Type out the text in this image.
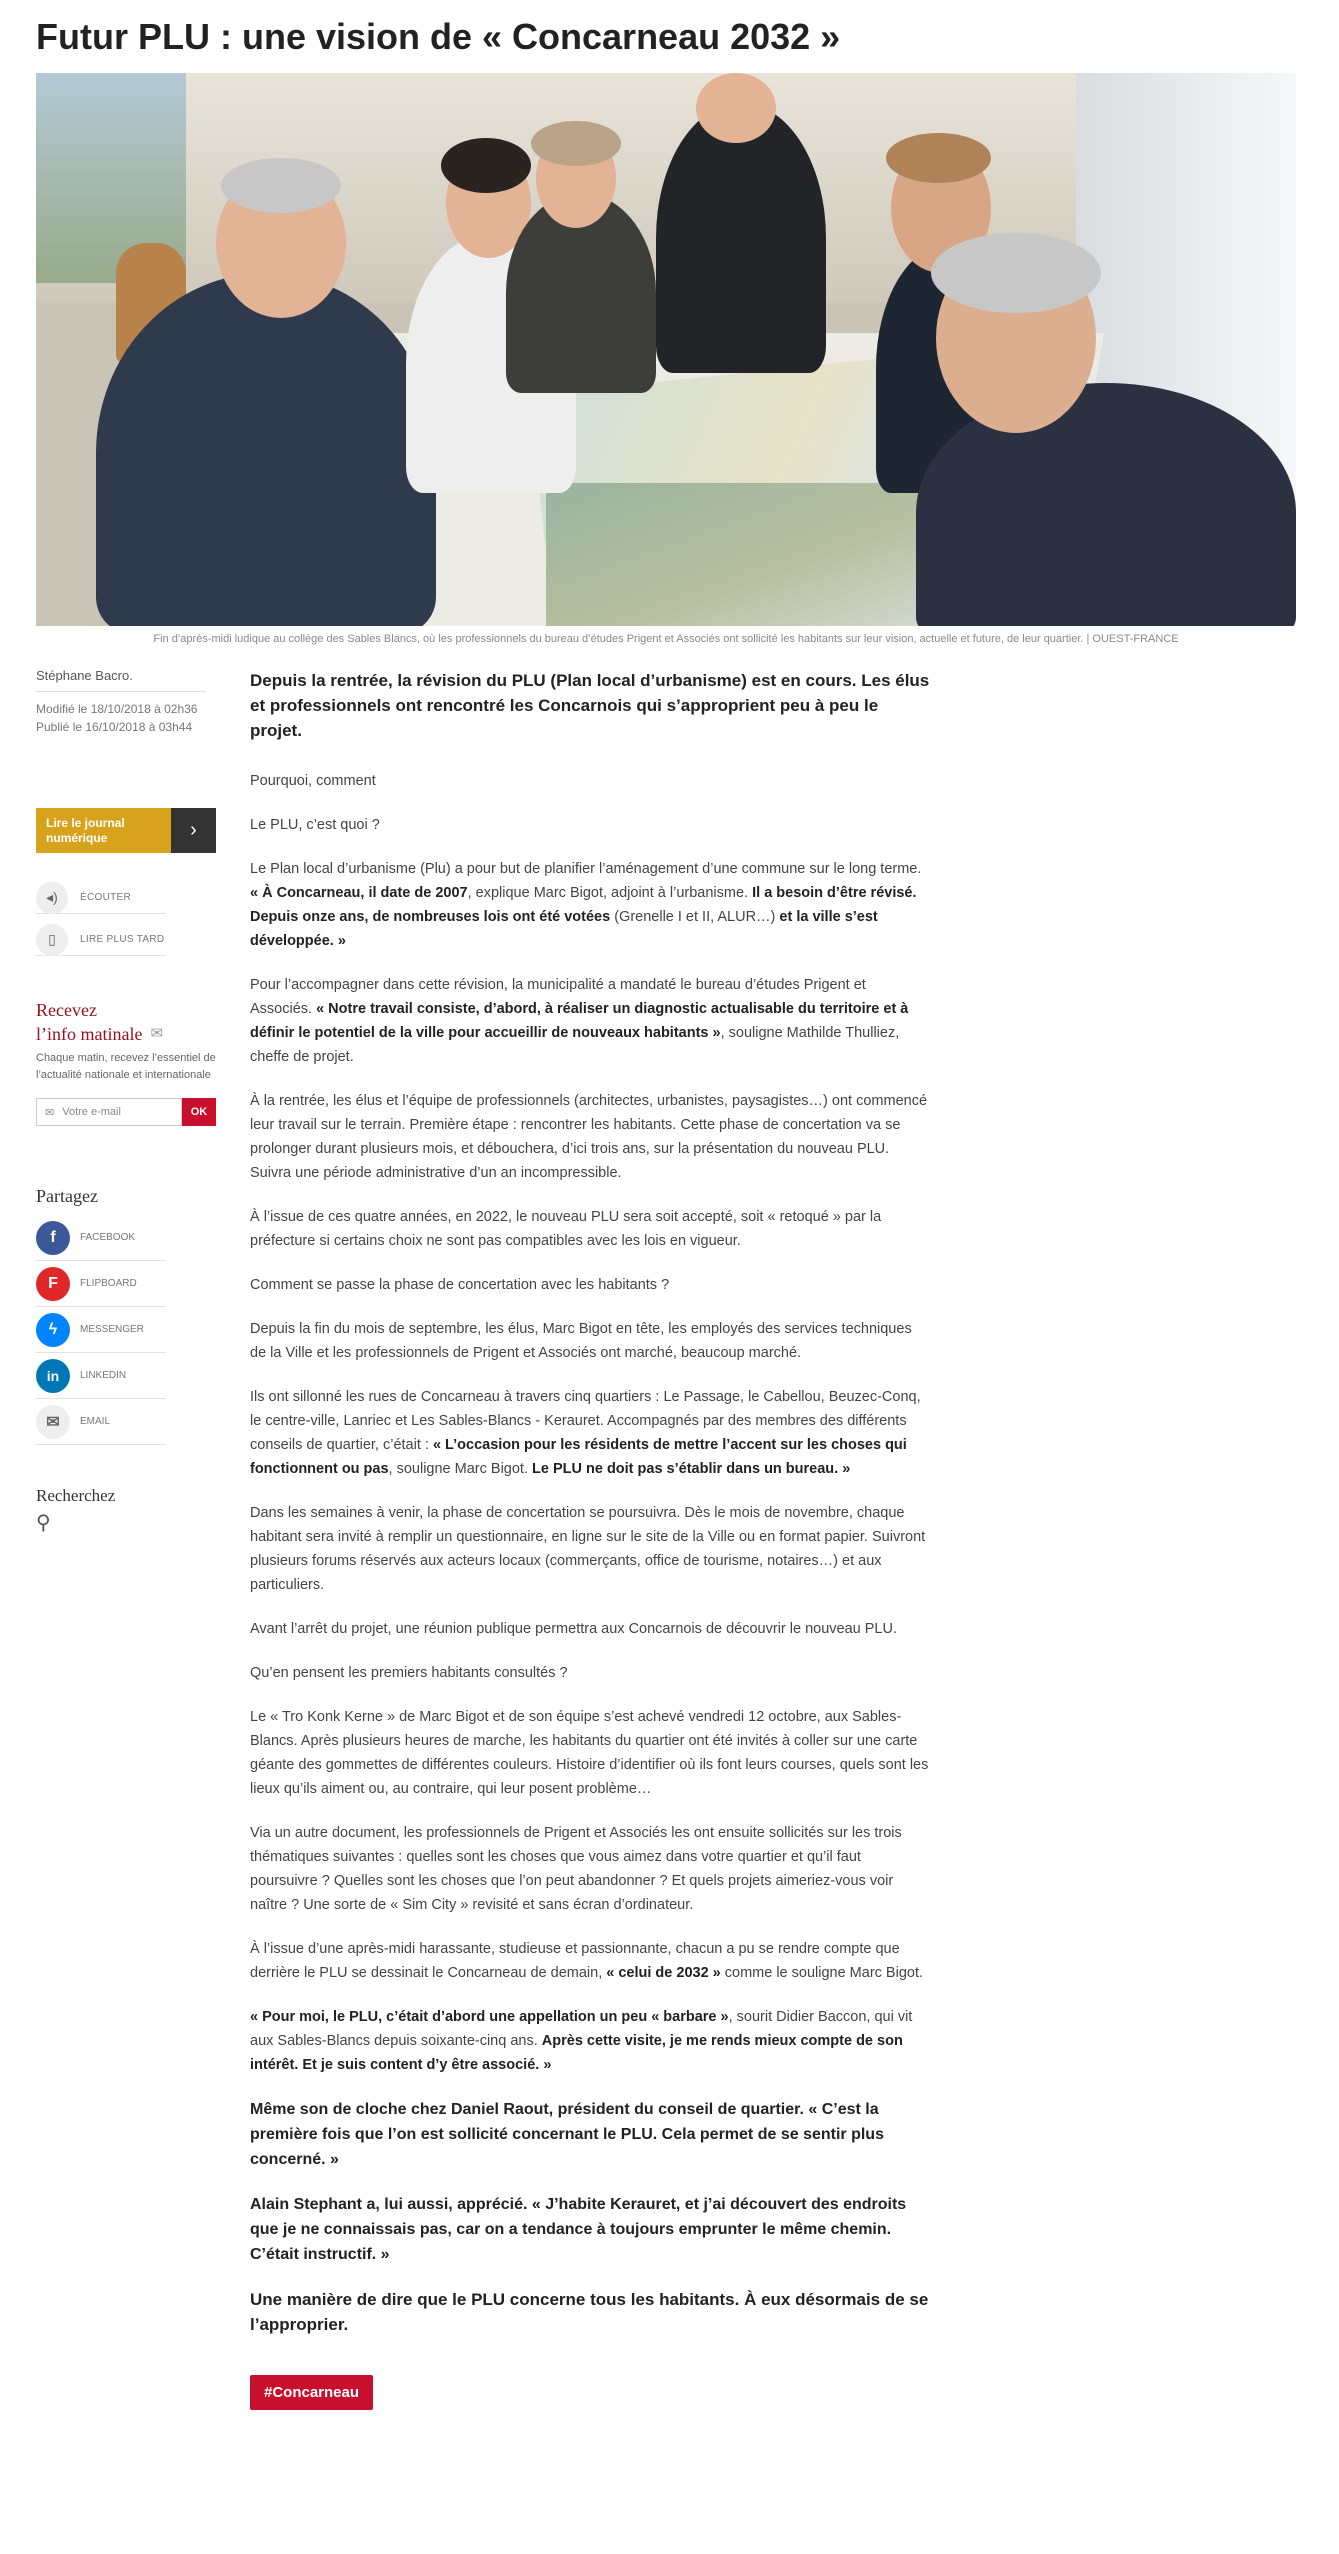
Futur PLU : une vision de « Concarneau 2032 »
Fin d’après-midi ludique au collège des Sables Blancs, où les professionnels du bureau d’études Prigent et Associés ont sollicité les habitants sur leur vision, actuelle et future, de leur quartier. | OUEST-FRANCE
Stéphane Bacro.
Modifié le 18/10/2018 à 02h36
Publié le 16/10/2018 à 03h44
Lire le journal numérique	›
◂)	ÉCOUTER
▯	LIRE PLUS TARD
Recevez
l’info matinale ✉
Chaque matin, recevez l’essentiel de l’actualité nationale et internationale
✉ Votre e-mail	OK
Partagez
f	FACEBOOK
F	FLIPBOARD
ϟ	MESSENGER
in	LINKEDIN
✉	EMAIL
Recherchez
⚲
Depuis la rentrée, la révision du PLU (Plan local d’urbanisme) est en cours. Les élus et professionnels ont rencontré les Concarnois qui s’approprient peu à peu le projet.
Pourquoi, comment
Le PLU, c’est quoi ?
Le Plan local d’urbanisme (Plu) a pour but de planifier l’aménagement d’une commune sur le long terme. « À Concarneau, il date de 2007, explique Marc Bigot, adjoint à l’urbanisme. Il a besoin d’être révisé. Depuis onze ans, de nombreuses lois ont été votées (Grenelle I et II, ALUR…) et la ville s’est développée. »
Pour l’accompagner dans cette révision, la municipalité a mandaté le bureau d’études Prigent et Associés. « Notre travail consiste, d’abord, à réaliser un diagnostic actualisable du territoire et à définir le potentiel de la ville pour accueillir de nouveaux habitants », souligne Mathilde Thulliez, cheffe de projet.
À la rentrée, les élus et l’équipe de professionnels (architectes, urbanistes, paysagistes…) ont commencé leur travail sur le terrain. Première étape : rencontrer les habitants. Cette phase de concertation va se prolonger durant plusieurs mois, et débouchera, d’ici trois ans, sur la présentation du nouveau PLU. Suivra une période administrative d’un an incompressible.
À l’issue de ces quatre années, en 2022, le nouveau PLU sera soit accepté, soit « retoqué » par la préfecture si certains choix ne sont pas compatibles avec les lois en vigueur.
Comment se passe la phase de concertation avec les habitants ?
Depuis la fin du mois de septembre, les élus, Marc Bigot en tête, les employés des services techniques de la Ville et les professionnels de Prigent et Associés ont marché, beaucoup marché.
Ils ont sillonné les rues de Concarneau à travers cinq quartiers : Le Passage, le Cabellou, Beuzec-Conq, le centre-ville, Lanriec et Les Sables-Blancs - Kerauret. Accompagnés par des membres des différents conseils de quartier, c’était : « L’occasion pour les résidents de mettre l’accent sur les choses qui fonctionnent ou pas, souligne Marc Bigot. Le PLU ne doit pas s’établir dans un bureau. »
Dans les semaines à venir, la phase de concertation se poursuivra. Dès le mois de novembre, chaque habitant sera invité à remplir un questionnaire, en ligne sur le site de la Ville ou en format papier. Suivront plusieurs forums réservés aux acteurs locaux (commerçants, office de tourisme, notaires…) et aux particuliers.
Avant l’arrêt du projet, une réunion publique permettra aux Concarnois de découvrir le nouveau PLU.
Qu’en pensent les premiers habitants consultés ?
Le « Tro Konk Kerne » de Marc Bigot et de son équipe s’est achevé vendredi 12 octobre, aux Sables-Blancs. Après plusieurs heures de marche, les habitants du quartier ont été invités à coller sur une carte géante des gommettes de différentes couleurs. Histoire d’identifier où ils font leurs courses, quels sont les lieux qu’ils aiment ou, au contraire, qui leur posent problème…
Via un autre document, les professionnels de Prigent et Associés les ont ensuite sollicités sur les trois thématiques suivantes : quelles sont les choses que vous aimez dans votre quartier et qu’il faut poursuivre ? Quelles sont les choses que l’on peut abandonner ? Et quels projets aimeriez-vous voir naître ? Une sorte de « Sim City » revisité et sans écran d’ordinateur.
À l’issue d’une après-midi harassante, studieuse et passionnante, chacun a pu se rendre compte que derrière le PLU se dessinait le Concarneau de demain, « celui de 2032 » comme le souligne Marc Bigot.
« Pour moi, le PLU, c’était d’abord une appellation un peu « barbare », sourit Didier Baccon, qui vit aux Sables-Blancs depuis soixante-cinq ans. Après cette visite, je me rends mieux compte de son intérêt. Et je suis content d’y être associé. »
Même son de cloche chez Daniel Raout, président du conseil de quartier. « C’est la première fois que l’on est sollicité concernant le PLU. Cela permet de se sentir plus concerné. »
Alain Stephant a, lui aussi, apprécié. « J’habite Kerauret, et j’ai découvert des endroits que je ne connaissais pas, car on a tendance à toujours emprunter le même chemin. C’était instructif. »
Une manière de dire que le PLU concerne tous les habitants. À eux désormais de se l’approprier.
#Concarneau
